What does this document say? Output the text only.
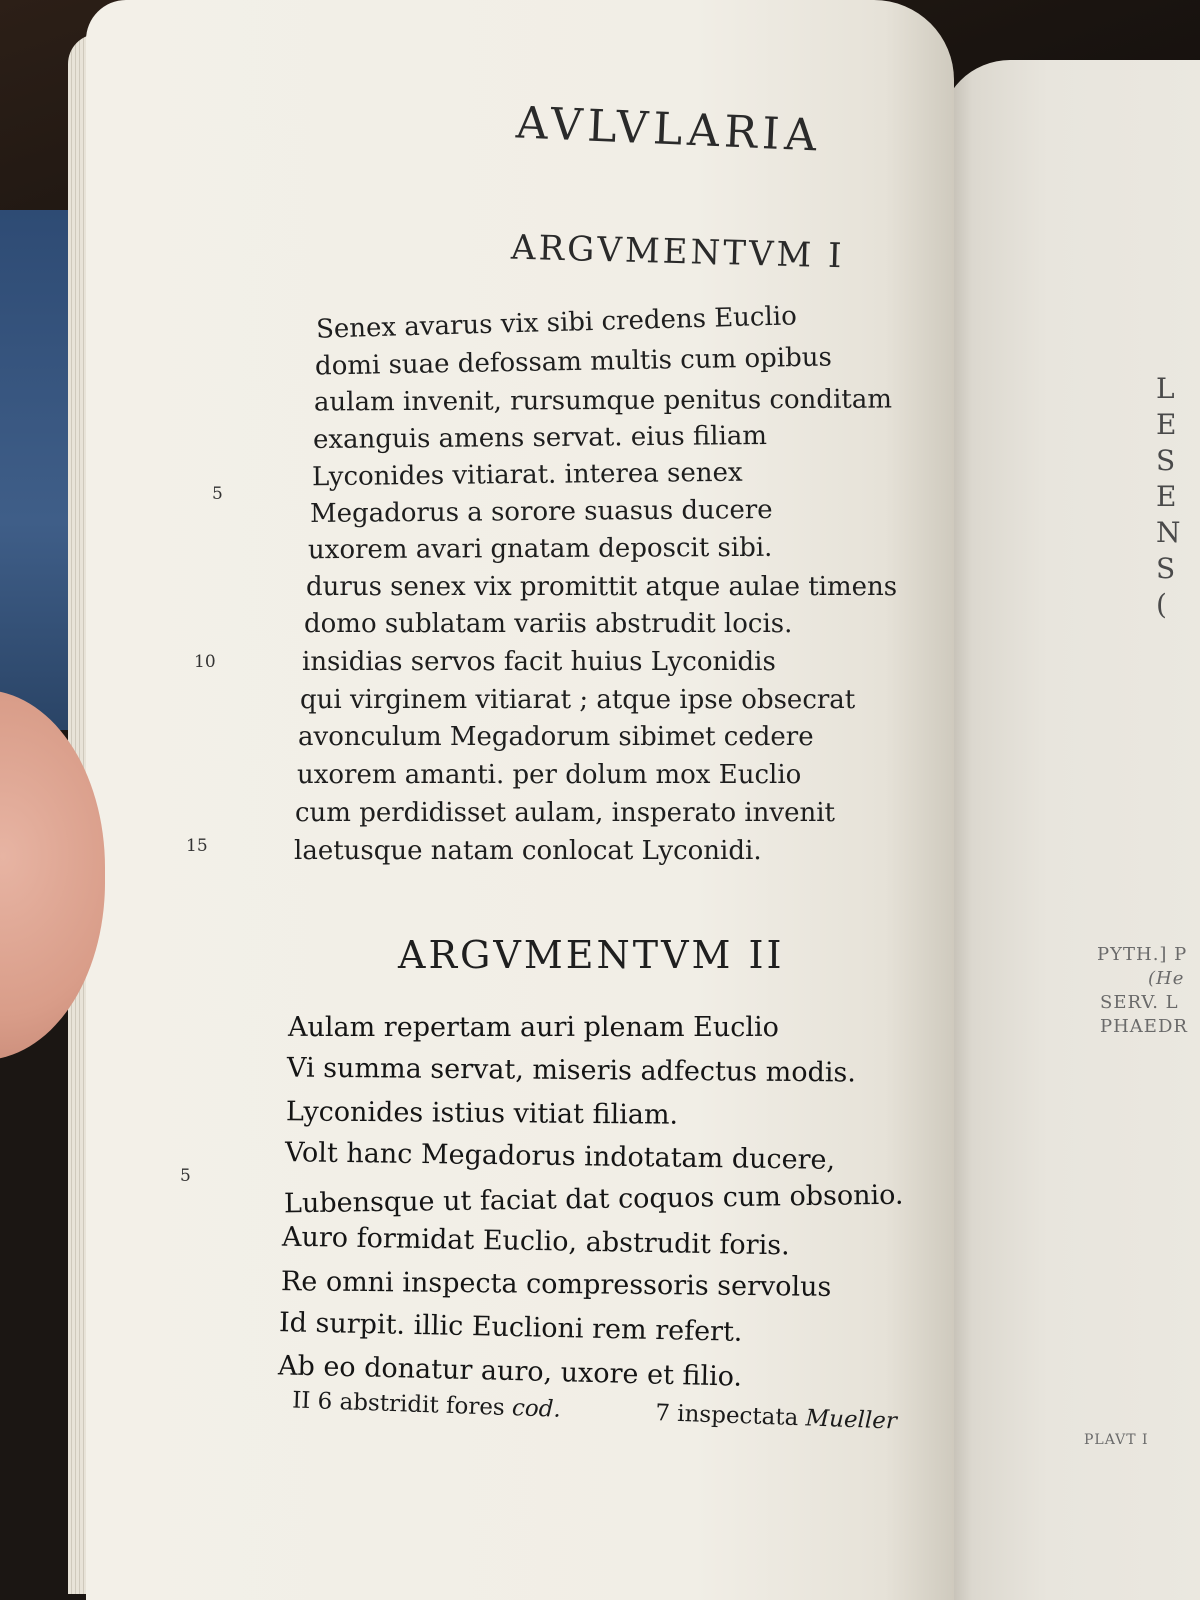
L
E
S
E
N
S
(
PYTH.] P
(He
SERV. L
PHAEDR
PLAVT I
AVLVLARIA
ARGVMENTVM I
Senex avarus vix sibi credens Euclio
domi suae defossam multis cum opibus
aulam invenit, rursumque penitus conditam
exanguis amens servat. eius filiam
Lyconides vitiarat. interea senex
Megadorus a sorore suasus ducere
uxorem avari gnatam deposcit sibi.
durus senex vix promittit atque aulae timens
domo sublatam variis abstrudit locis.
insidias servos facit huius Lyconidis
qui virginem vitiarat ; atque ipse obsecrat
avonculum Megadorum sibimet cedere
uxorem amanti. per dolum mox Euclio
cum perdidisset aulam, insperato invenit
laetusque natam conlocat Lyconidi.
5
10
15
ARGVMENTVM II
Aulam repertam auri plenam Euclio
Vi summa servat, miseris adfectus modis.
Lyconides istius vitiat filiam.
Volt hanc Megadorus indotatam ducere,
Lubensque ut faciat dat coquos cum obsonio.
Auro formidat Euclio, abstrudit foris.
Re omni inspecta compressoris servolus
Id surpit. illic Euclioni rem refert.
Ab eo donatur auro, uxore et filio.
5
II 6 abstridit fores cod.	7 inspectata Mueller
